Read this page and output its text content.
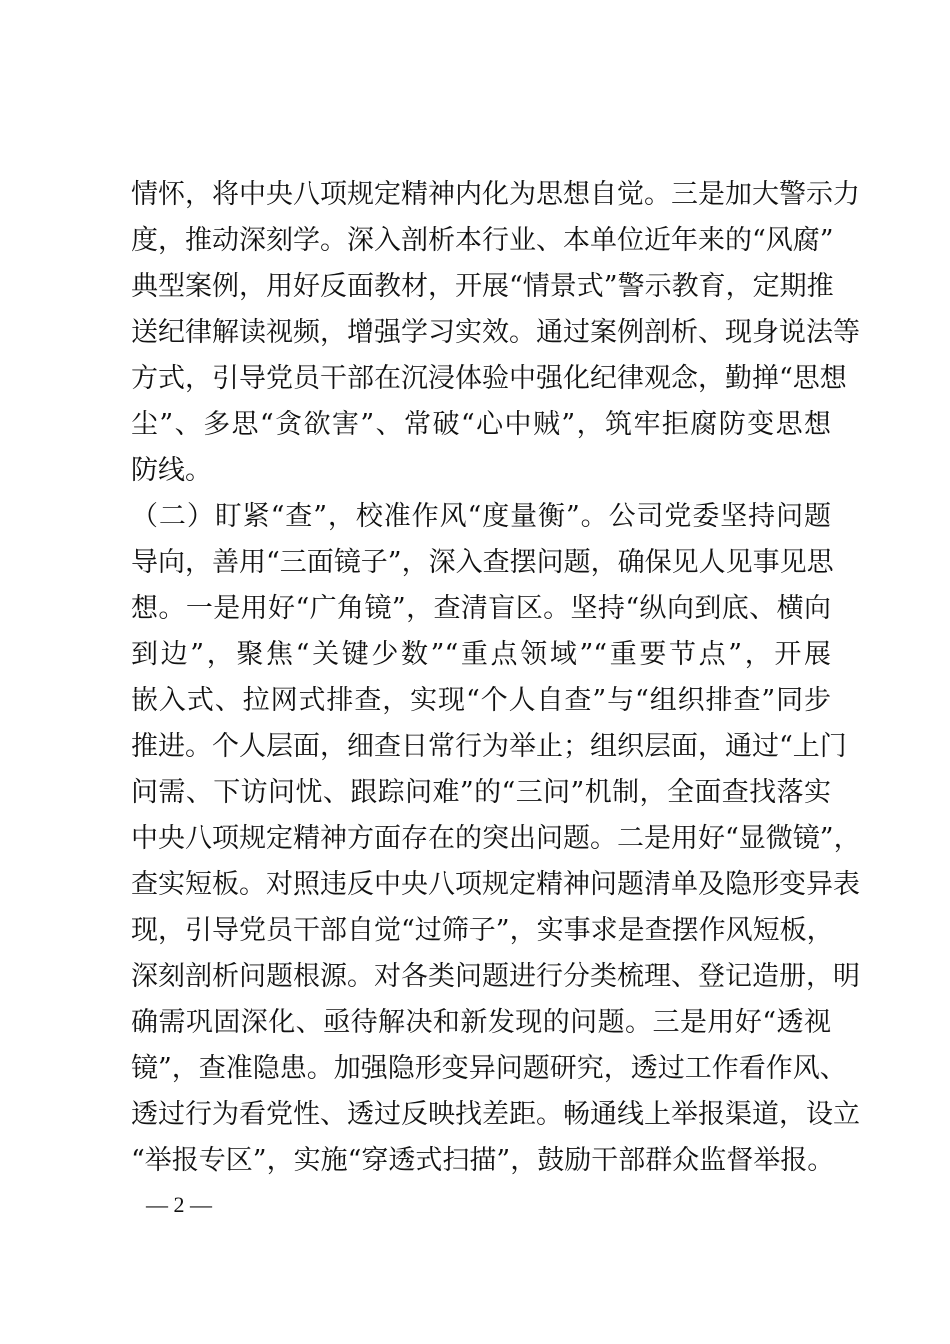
情怀，将中央八项规定精神内化为思想自觉。三是加大警示力
度，推动深刻学。深入剖析本行业、本单位近年来的“风腐”
典型案例，用好反面教材，开展“情景式”警示教育，定期推
送纪律解读视频，增强学习实效。通过案例剖析、现身说法等
方式，引导党员干部在沉浸体验中强化纪律观念，勤掸“思想
尘”、多思“贪欲害”、常破“心中贼”，筑牢拒腐防变思想
防线。
（二）盯紧“查”，校准作风“度量衡”。公司党委坚持问题
导向，善用“三面镜子”，深入查摆问题，确保见人见事见思
想。一是用好“广角镜”，查清盲区。坚持“纵向到底、横向
到边”，聚焦“关键少数”“重点领域”“重要节点”，开展
嵌入式、拉网式排查，实现“个人自查”与“组织排查”同步
推进。个人层面，细查日常行为举止；组织层面，通过“上门
问需、下访问忧、跟踪问难”的“三问”机制，全面查找落实
中央八项规定精神方面存在的突出问题。二是用好“显微镜”，
查实短板。对照违反中央八项规定精神问题清单及隐形变异表
现，引导党员干部自觉“过筛子”，实事求是查摆作风短板，
深刻剖析问题根源。对各类问题进行分类梳理、登记造册，明
确需巩固深化、亟待解决和新发现的问题。三是用好“透视
镜”，查准隐患。加强隐形变异问题研究，透过工作看作风、
透过行为看党性、透过反映找差距。畅通线上举报渠道，设立
“举报专区”，实施“穿透式扫描”，鼓励干部群众监督举报。
— 2 —
